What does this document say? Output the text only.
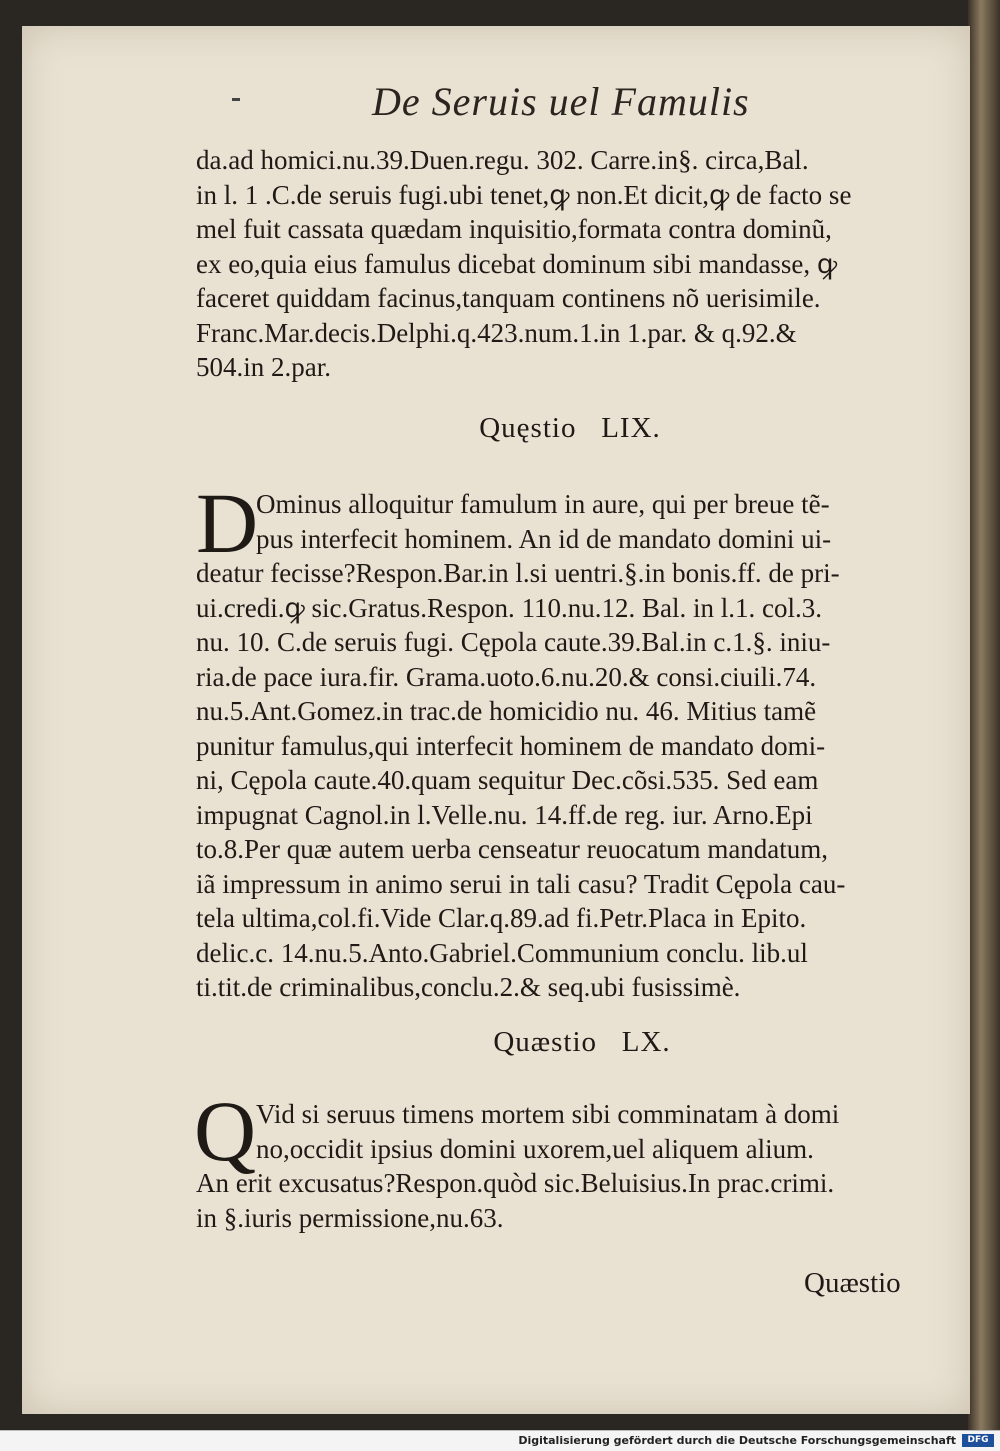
De Seruis uel Famulis
da.ad homici.nu.39.Duen.regu. 302. Carre.in§. circa,Bal.
in l. 1 .C.de seruis fugi.ubi tenet,ꝙ non.Et dicit,ꝙ de facto se
mel fuit cassata quædam inquisitio,formata contra dominũ,
ex eo,quia eius famulus dicebat dominum sibi mandasse, ꝙ
faceret quiddam facinus,tanquam continens nõ uerisimile.
Franc.Mar.decis.Delphi.q.423.num.1.in 1.par. & q.92.&
504.in 2.par.
Quęstio   LIX.
D
Ominus alloquitur famulum in aure, qui per breue tẽ-
pus interfecit hominem. An id de mandato domini ui-
deatur fecisse?Respon.Bar.in l.si uentri.§.in bonis.ff. de pri-
ui.credi.ꝙ sic.Gratus.Respon. 110.nu.12. Bal. in l.1. col.3.
nu. 10. C.de seruis fugi. Cępola caute.39.Bal.in c.1.§. iniu-
ria.de pace iura.fir. Grama.uoto.6.nu.20.& consi.ciuili.74.
nu.5.Ant.Gomez.in trac.de homicidio nu. 46. Mitius tamẽ
punitur famulus,qui interfecit hominem de mandato domi-
ni, Cępola caute.40.quam sequitur Dec.cõsi.535. Sed eam
impugnat Cagnol.in l.Velle.nu. 14.ff.de reg. iur. Arno.Epi
to.8.Per quæ autem uerba censeatur reuocatum mandatum,
iã impressum in animo serui in tali casu? Tradit Cępola cau-
tela ultima,col.fi.Vide Clar.q.89.ad fi.Petr.Placa in Epito.
delic.c. 14.nu.5.Anto.Gabriel.Communium conclu. lib.ul
ti.tit.de criminalibus,conclu.2.& seq.ubi fusissimè.
Quæstio   LX.
Q Vid si seruus timens mortem sibi comminatam à domi
no,occidit ipsius domini uxorem,uel aliquem alium.
An erit excusatus?Respon.quòd sic.Beluisius.In prac.crimi.
in §.iuris permissione,nu.63.
Quæstio
Digitalisierung gefördert durch die Deutsche Forschungsgemeinschaft	DFG
